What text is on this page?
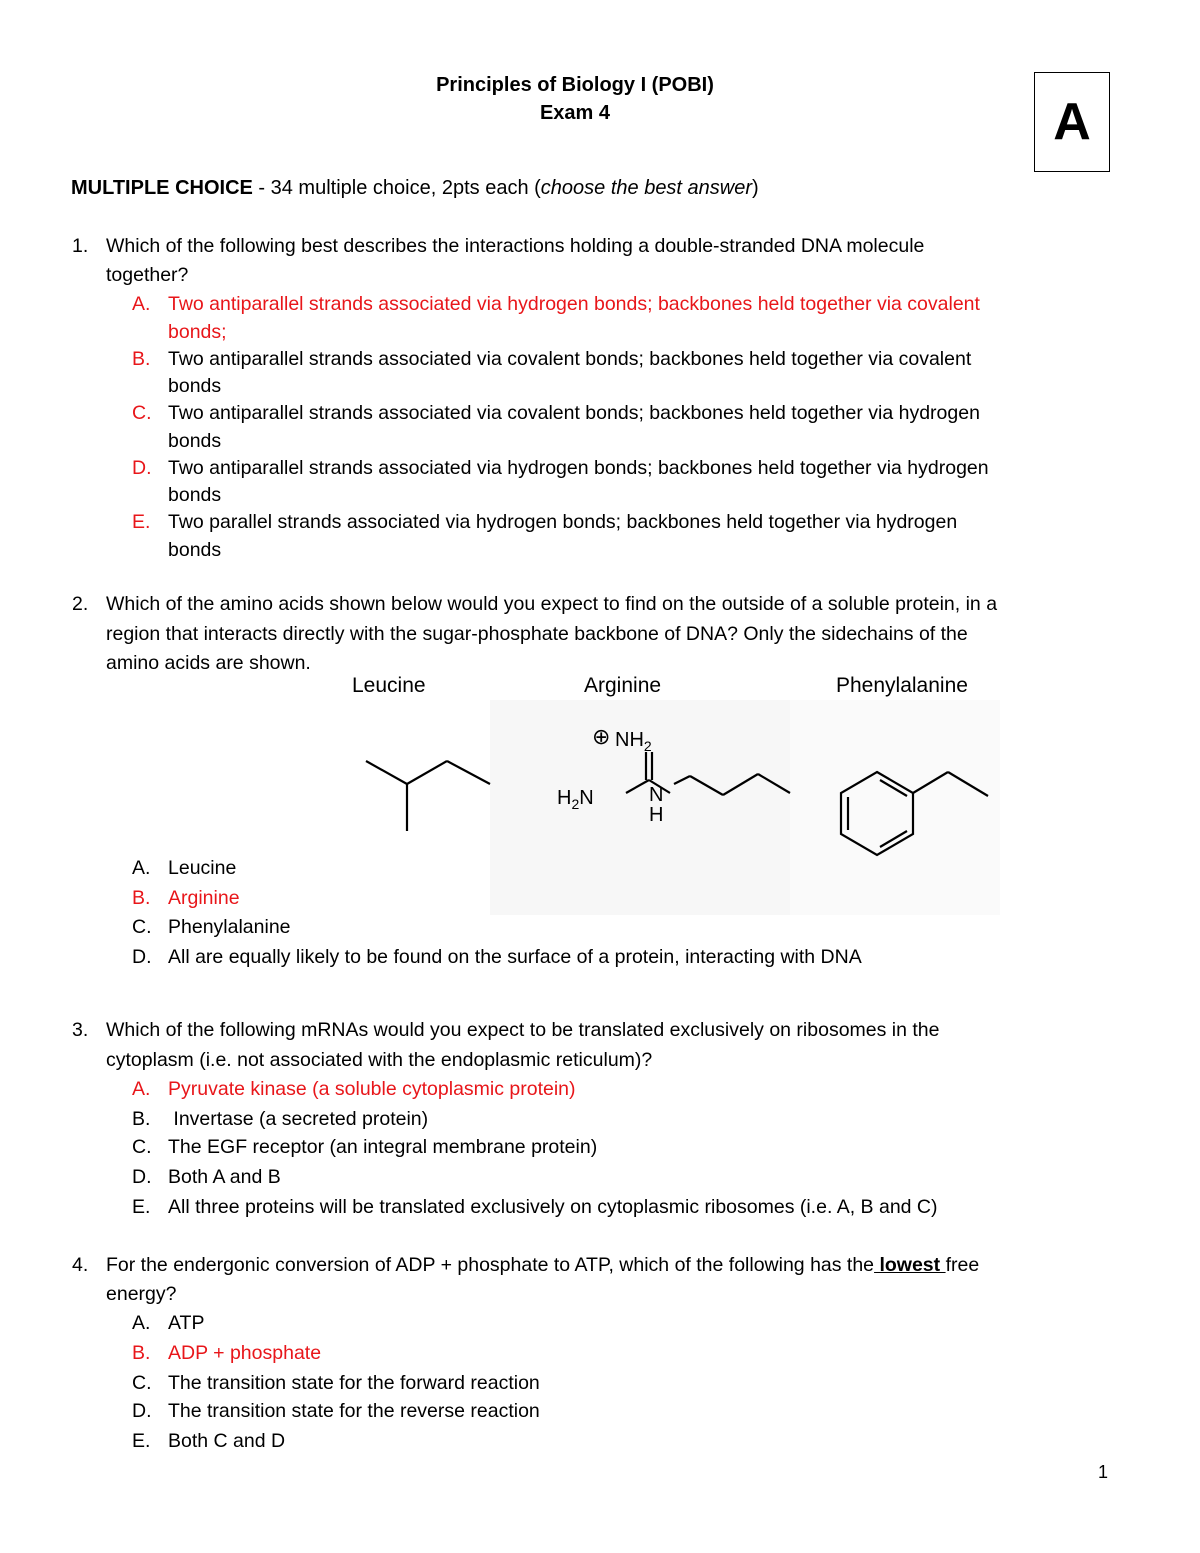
Principles of Biology I (POBI)
Exam 4	A
MULTIPLE CHOICE - 34 multiple choice, 2pts each (choose the best answer)
1. Which of the following best describes the interactions holding a double-stranded DNA molecule
together?
A. Two antiparallel strands associated via hydrogen bonds; backbones held together via covalent
bonds;
B. Two antiparallel strands associated via covalent bonds; backbones held together via covalent
bonds
C. Two antiparallel strands associated via covalent bonds; backbones held together via hydrogen
bonds
D. Two antiparallel strands associated via hydrogen bonds; backbones held together via hydrogen
bonds
E. Two parallel strands associated via hydrogen bonds; backbones held together via hydrogen
bonds
2. Which of the amino acids shown below would you expect to find on the outside of a soluble protein, in a
region that interacts directly with the sugar-phosphate backbone of DNA? Only the sidechains of the
amino acids are shown.
Leucine	Arginine	Phenylalanine
⊕ $NH_2$
$H_2N$	N
H
A. Leucine
B. Arginine
C. Phenylalanine
D. All are equally likely to be found on the surface of a protein, interacting with DNA
3. Which of the following mRNAs would you expect to be translated exclusively on ribosomes in the
cytoplasm (i.e. not associated with the endoplasmic reticulum)?
A. Pyruvate kinase (a soluble cytoplasmic protein)
B. Invertase (a secreted protein)
C. The EGF receptor (an integral membrane protein)
D. Both A and B
E. All three proteins will be translated exclusively on cytoplasmic ribosomes (i.e. A, B and C)
4. For the endergonic conversion of ADP + phosphate to ATP, which of the following has the lowest free
energy?
A. ATP
B. ADP + phosphate
C. The transition state for the forward reaction
D. The transition state for the reverse reaction
E. Both C and D
1
